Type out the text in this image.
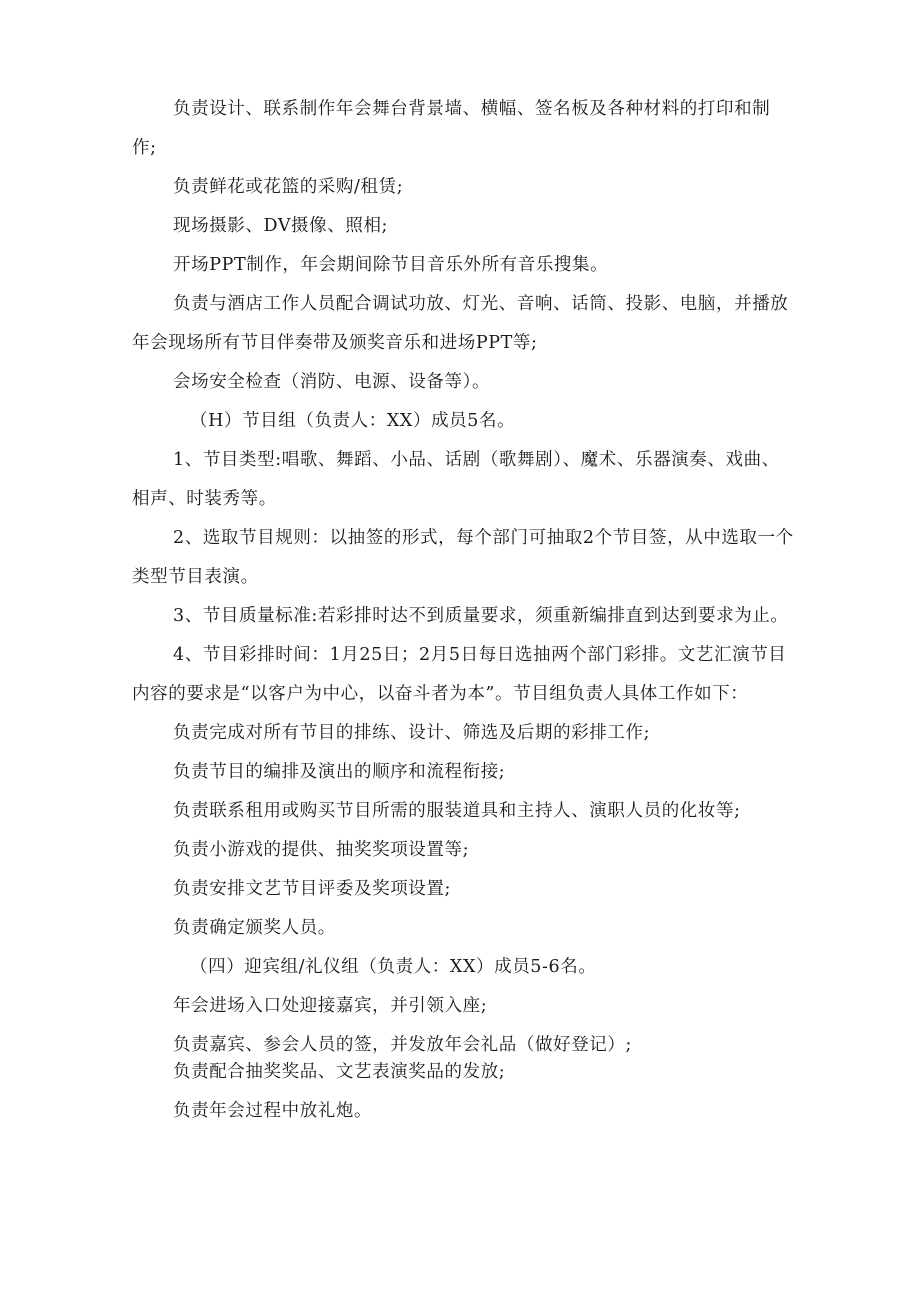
负责设计、联系制作年会舞台背景墙、横幅、签名板及各种材料的打印和制作;

负责鲜花或花篮的采购/租赁;

现场摄影、DV摄像、照相;

开场PPT制作，年会期间除节目音乐外所有音乐搜集。

负责与酒店工作人员配合调试功放、灯光、音响、话筒、投影、电脑，并播放年会现场所有节目伴奏带及颁奖音乐和进场PPT等;

会场安全检查（消防、电源、设备等）。

（H）节目组（负责人：XX）成员5名。

1、节目类型:唱歌、舞蹈、小品、话剧（歌舞剧）、魔术、乐器演奏、戏曲、相声、时装秀等。

2、选取节目规则：以抽签的形式，每个部门可抽取2个节目签，从中选取一个类型节目表演。

3、节目质量标准:若彩排时达不到质量要求，须重新编排直到达到要求为止。

4、节目彩排时间：1月25日；2月5日每日选抽两个部门彩排。文艺汇演节目内容的要求是“以客户为中心，以奋斗者为本”。节目组负责人具体工作如下：

负责完成对所有节目的排练、设计、筛选及后期的彩排工作;

负责节目的编排及演出的顺序和流程衔接;

负责联系租用或购买节目所需的服装道具和主持人、演职人员的化妆等;

负责小游戏的提供、抽奖奖项设置等;

负责安排文艺节目评委及奖项设置;

负责确定颁奖人员。

（四）迎宾组/礼仪组（负责人：XX）成员5-6名。

年会进场入口处迎接嘉宾，并引领入座;

负责嘉宾、参会人员的签，并发放年会礼品（做好登记）;

负责配合抽奖奖品、文艺表演奖品的发放;

负责年会过程中放礼炮。
